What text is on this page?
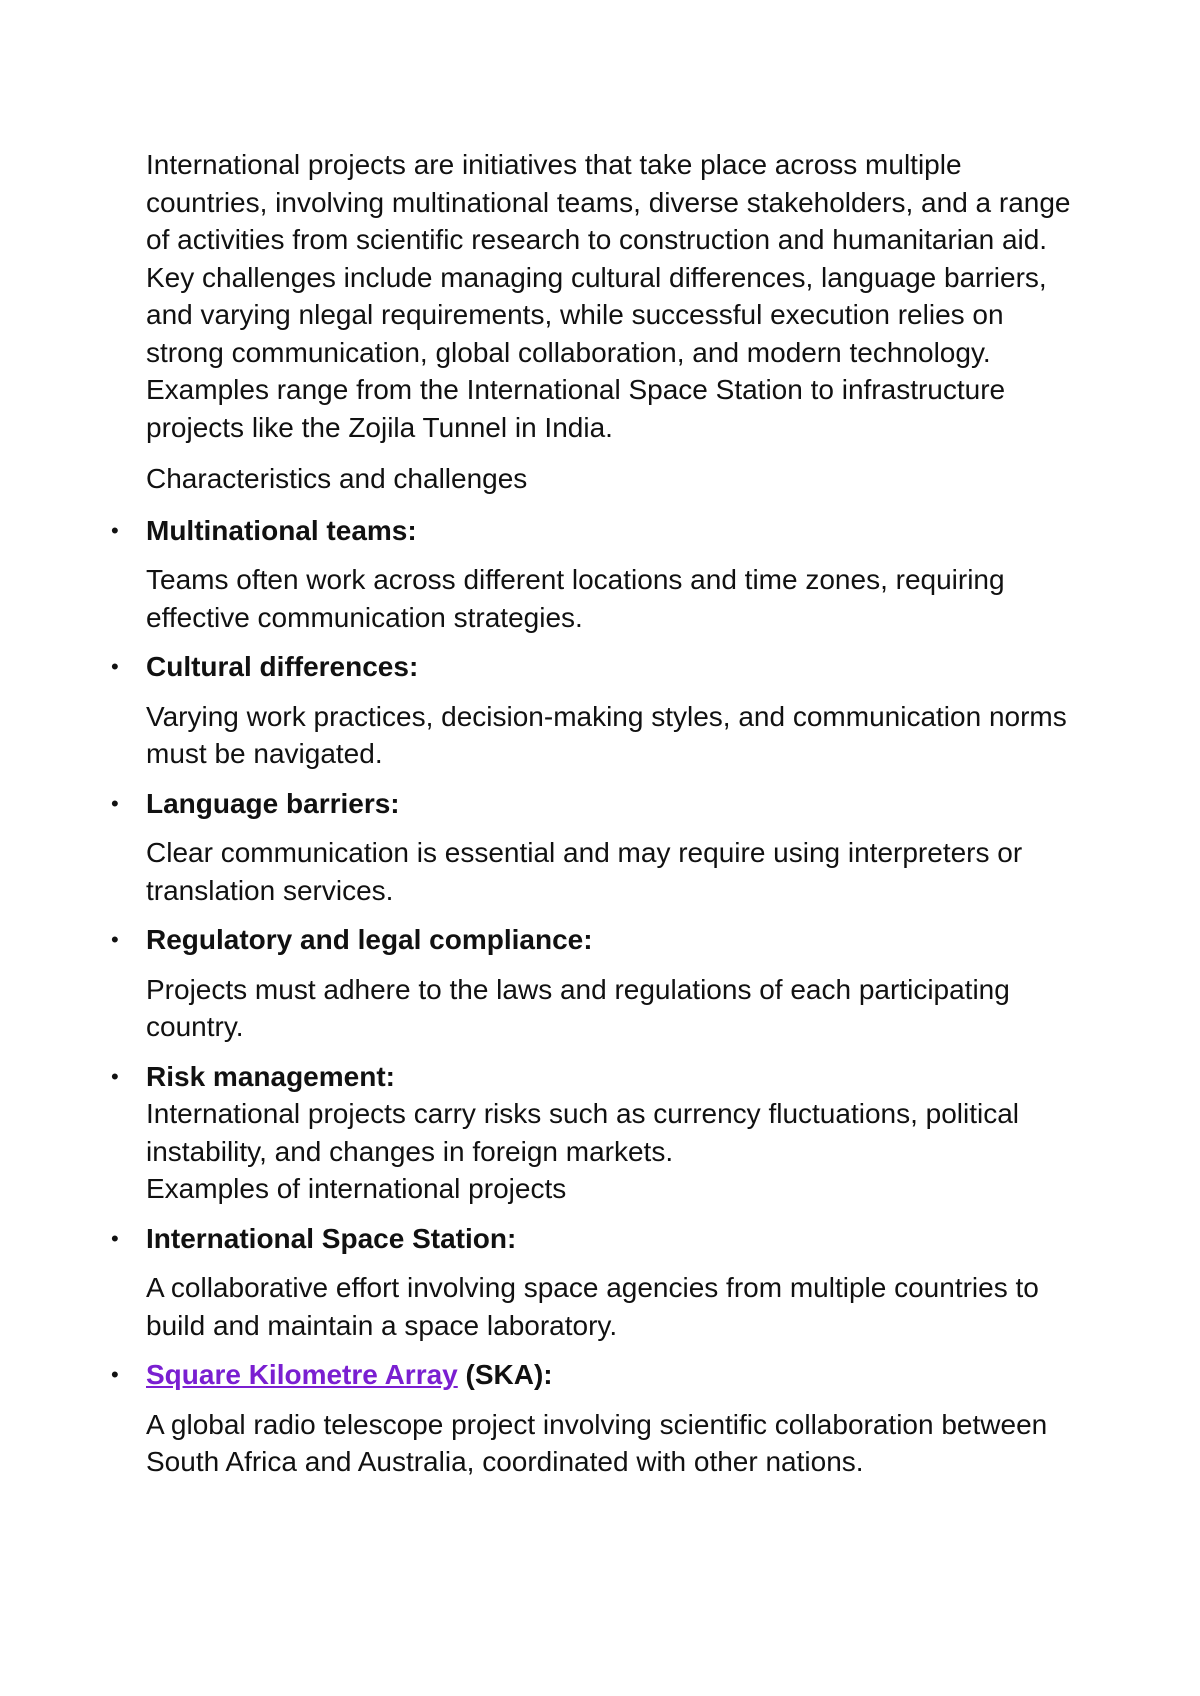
International projects are initiatives that take place across multiple countries, involving multinational teams, diverse stakeholders, and a range of activities from scientific research to construction and humanitarian aid. Key challenges include managing cultural differences, language barriers, and varying nlegal requirements, while successful execution relies on strong communication, global collaboration, and modern technology. Examples range from the International Space Station to infrastructure projects like the Zojila Tunnel in India.

Characteristics and challenges

• Multinational teams:

Teams often work across different locations and time zones, requiring effective communication strategies.

• Cultural differences:

Varying work practices, decision-making styles, and communication norms must be navigated.

• Language barriers:

Clear communication is essential and may require using interpreters or translation services.

• Regulatory and legal compliance:

Projects must adhere to the laws and regulations of each participating country.

• Risk management:

International projects carry risks such as currency fluctuations, political instability, and changes in foreign markets.

Examples of international projects

• International Space Station:

A collaborative effort involving space agencies from multiple countries to build and maintain a space laboratory.

• Square Kilometre Array (SKA):

A global radio telescope project involving scientific collaboration between South Africa and Australia, coordinated with other nations.
